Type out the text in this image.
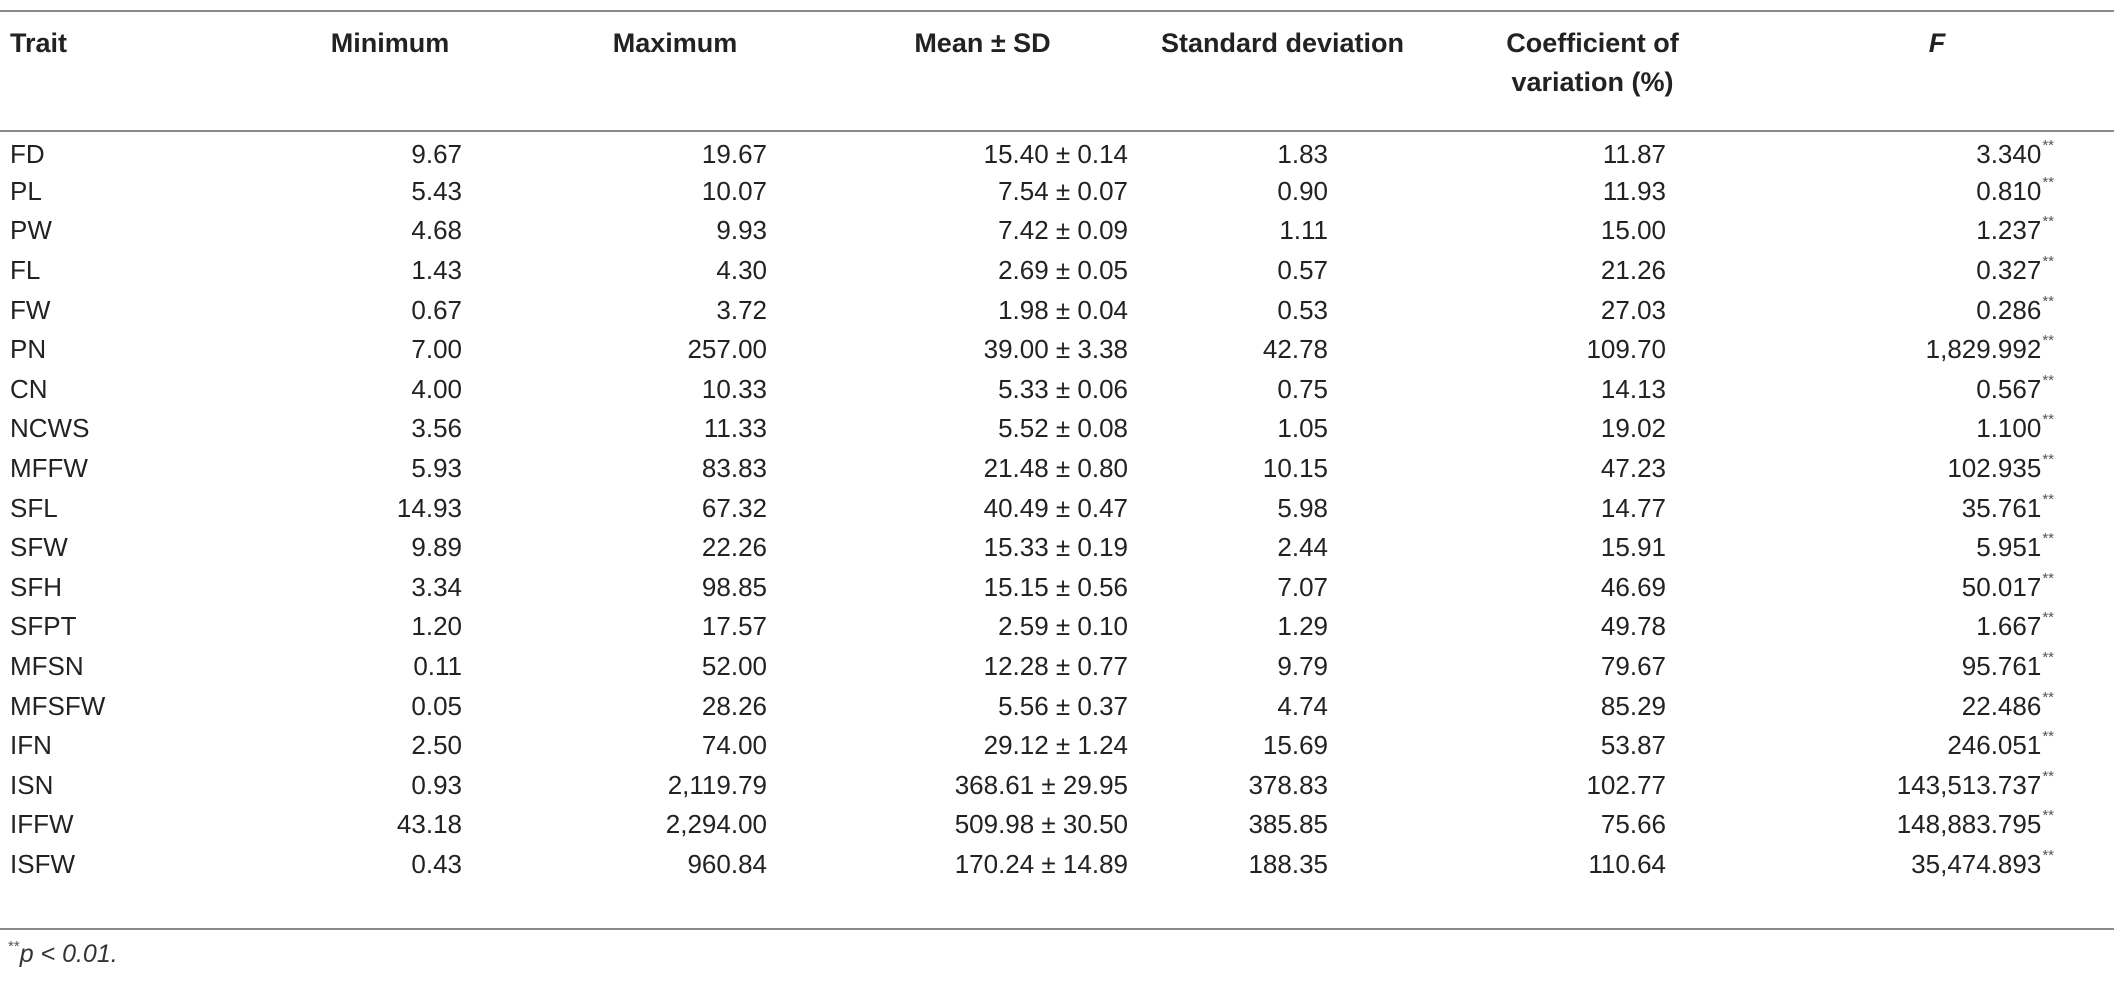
Trait	Minimum	Maximum	Mean ± SD	Standard deviation	Coefficient of
variation (%)	F
FD	9.67	19.67	15.40 ± 0.14	1.83	11.87	3.340**
PL	5.43	10.07	7.54 ± 0.07	0.90	11.93	0.810**
PW	4.68	9.93	7.42 ± 0.09	1.11	15.00	1.237**
FL	1.43	4.30	2.69 ± 0.05	0.57	21.26	0.327**
FW	0.67	3.72	1.98 ± 0.04	0.53	27.03	0.286**
PN	7.00	257.00	39.00 ± 3.38	42.78	109.70	1,829.992**
CN	4.00	10.33	5.33 ± 0.06	0.75	14.13	0.567**
NCWS	3.56	11.33	5.52 ± 0.08	1.05	19.02	1.100**
MFFW	5.93	83.83	21.48 ± 0.80	10.15	47.23	102.935**
SFL	14.93	67.32	40.49 ± 0.47	5.98	14.77	35.761**
SFW	9.89	22.26	15.33 ± 0.19	2.44	15.91	5.951**
SFH	3.34	98.85	15.15 ± 0.56	7.07	46.69	50.017**
SFPT	1.20	17.57	2.59 ± 0.10	1.29	49.78	1.667**
MFSN	0.11	52.00	12.28 ± 0.77	9.79	79.67	95.761**
MFSFW	0.05	28.26	5.56 ± 0.37	4.74	85.29	22.486**
IFN	2.50	74.00	29.12 ± 1.24	15.69	53.87	246.051**
ISN	0.93	2,119.79	368.61 ± 29.95	378.83	102.77	143,513.737**
IFFW	43.18	2,294.00	509.98 ± 30.50	385.85	75.66	148,883.795**
ISFW	0.43	960.84	170.24 ± 14.89	188.35	110.64	35,474.893**
**p < 0.01.
